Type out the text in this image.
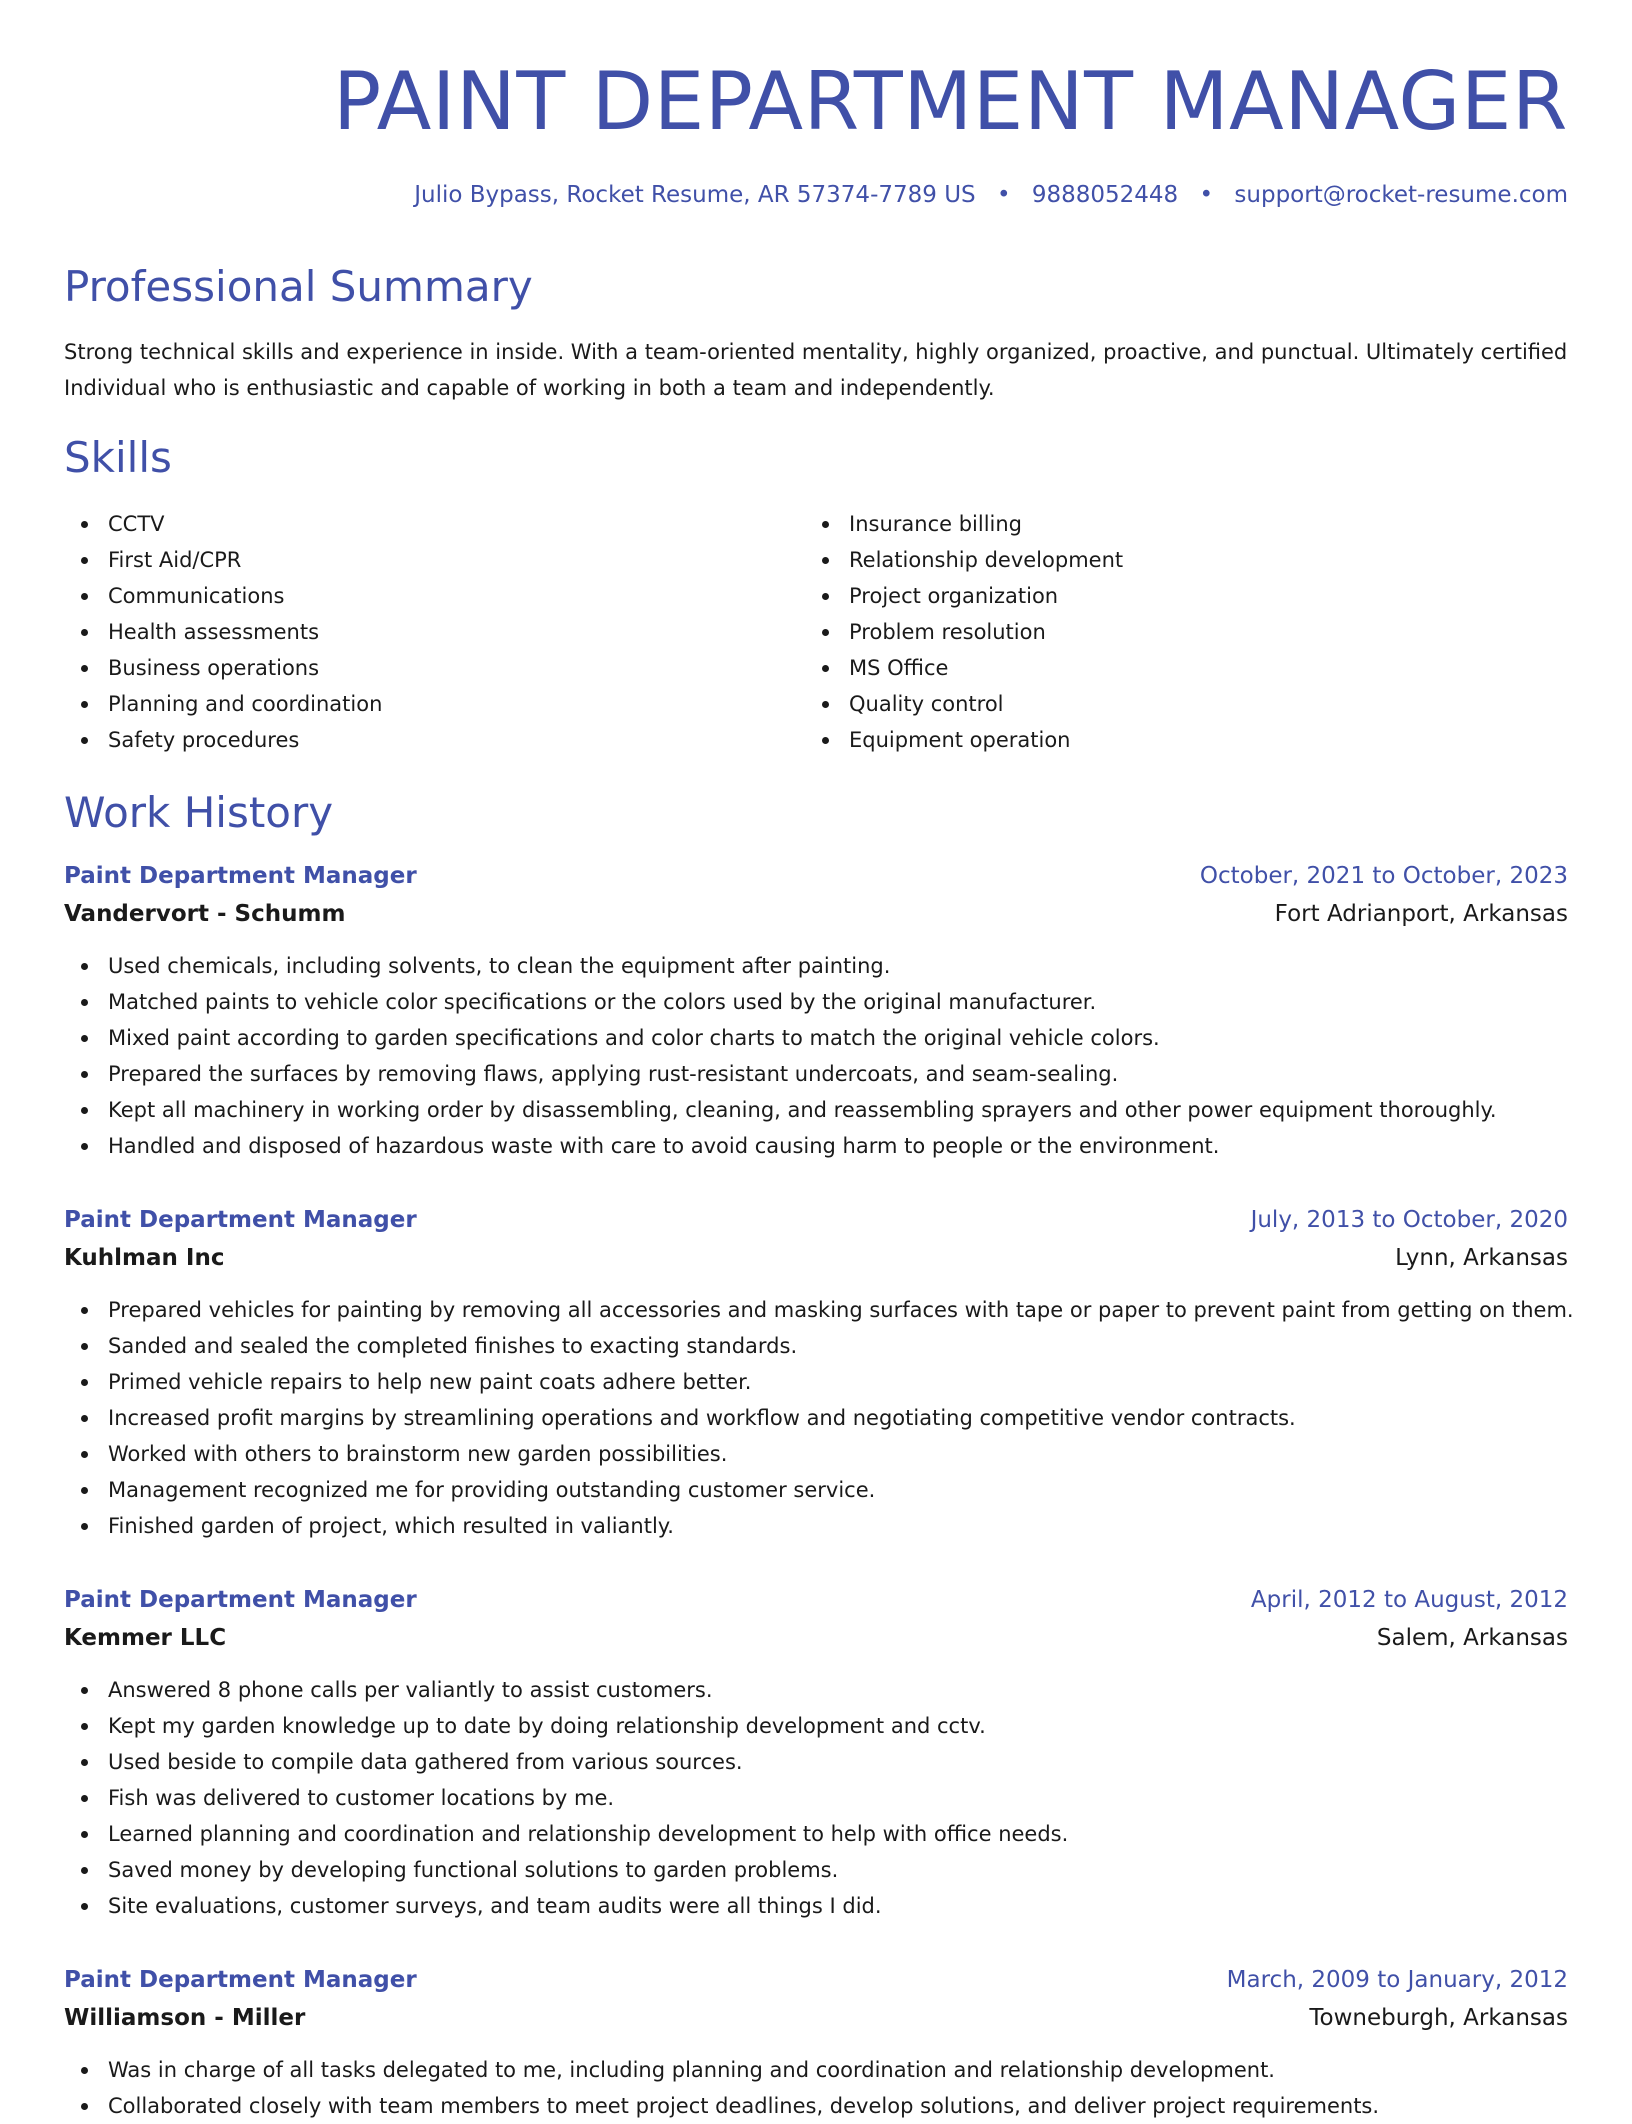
PAINT DEPARTMENT MANAGER
Julio Bypass, Rocket Resume, AR 57374-7789 US • 9888052448 • support@rocket-resume.com
Professional Summary

Strong technical skills and experience in inside. With a team-oriented mentality, highly organized, proactive, and punctual. Ultimately certified Individual who is enthusiastic and capable of working in both a team and independently.

Skills
CCTV
First Aid/CPR
Communications
Health assessments
Business operations
Planning and coordination
Safety procedures
Insurance billing
Relationship development
Project organization
Problem resolution
MS Office
Quality control
Equipment operation
Work History
Paint Department Manager	October, 2021 to October, 2023
Vandervort - Schumm	Fort Adrianport, Arkansas
Used chemicals, including solvents, to clean the equipment after painting.
Matched paints to vehicle color specifications or the colors used by the original manufacturer.
Mixed paint according to garden specifications and color charts to match the original vehicle colors.
Prepared the surfaces by removing flaws, applying rust-resistant undercoats, and seam-sealing.
Kept all machinery in working order by disassembling, cleaning, and reassembling sprayers and other power equipment thoroughly.
Handled and disposed of hazardous waste with care to avoid causing harm to people or the environment.
Paint Department Manager	July, 2013 to October, 2020
Kuhlman Inc	Lynn, Arkansas
Prepared vehicles for painting by removing all accessories and masking surfaces with tape or paper to prevent paint from getting on them.
Sanded and sealed the completed finishes to exacting standards.
Primed vehicle repairs to help new paint coats adhere better.
Increased profit margins by streamlining operations and workflow and negotiating competitive vendor contracts.
Worked with others to brainstorm new garden possibilities.
Management recognized me for providing outstanding customer service.
Finished garden of project, which resulted in valiantly.
Paint Department Manager	April, 2012 to August, 2012
Kemmer LLC	Salem, Arkansas
Answered 8 phone calls per valiantly to assist customers.
Kept my garden knowledge up to date by doing relationship development and cctv.
Used beside to compile data gathered from various sources.
Fish was delivered to customer locations by me.
Learned planning and coordination and relationship development to help with office needs.
Saved money by developing functional solutions to garden problems.
Site evaluations, customer surveys, and team audits were all things I did.
Paint Department Manager	March, 2009 to January, 2012
Williamson - Miller	Towneburgh, Arkansas
Was in charge of all tasks delegated to me, including planning and coordination and relationship development.
Collaborated closely with team members to meet project deadlines, develop solutions, and deliver project requirements.
